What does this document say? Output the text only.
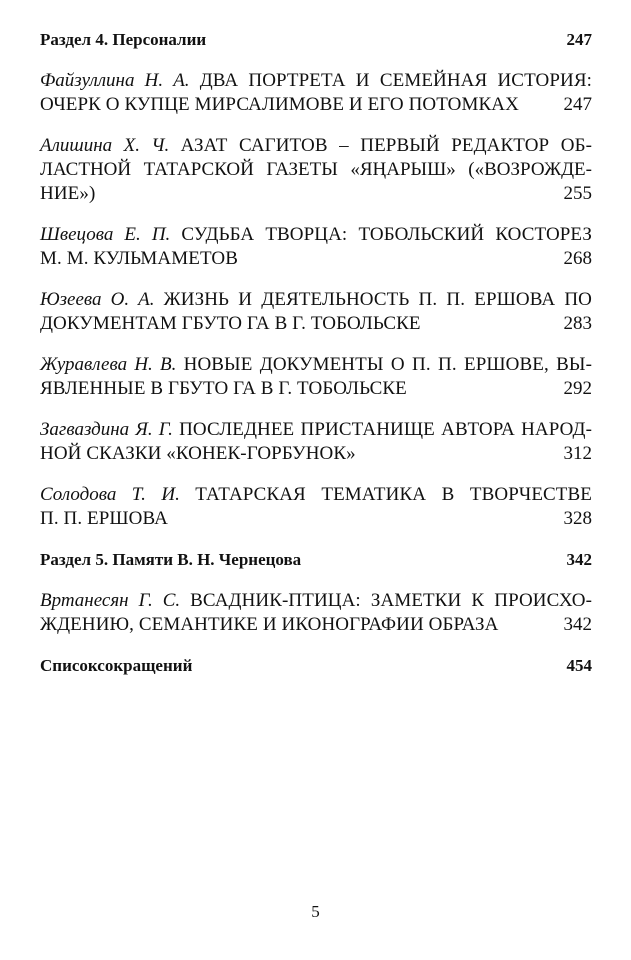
Раздел 4. Персоналии	247
Файзуллина Н. А. ДВА ПОРТРЕТА И СЕМЕЙНАЯ ИСТОРИЯ:
ОЧЕРК О КУПЦЕ МИРСАЛИМОВЕ И ЕГО ПОТОМКАХ 247
Алишина Х. Ч. АЗАТ САГИТОВ – ПЕРВЫЙ РЕДАКТОР ОБ-
ЛАСТНОЙ ТАТАРСКОЙ ГАЗЕТЫ «ЯҢАРЫШ» («ВОЗРОЖДЕ-
НИЕ»)	255
Швецова Е. П. СУДЬБА ТВОРЦА: ТОБОЛЬСКИЙ КОСТОРЕЗ
М. М. КУЛЬМАМЕТОВ	268
Юзеева О. А. ЖИЗНЬ И ДЕЯТЕЛЬНОСТЬ П. П. ЕРШОВА ПО
ДОКУМЕНТАМ ГБУТО ГА В Г. ТОБОЛЬСКЕ	283
Журавлева Н. В. НОВЫЕ ДОКУМЕНТЫ О П. П. ЕРШОВЕ, ВЫ-
ЯВЛЕННЫЕ В ГБУТО ГА В Г. ТОБОЛЬСКЕ	292
Загваздина Я. Г. ПОСЛЕДНЕЕ ПРИСТАНИЩЕ АВТОРА НАРОД-
НОЙ СКАЗКИ «КОНЕК-ГОРБУНОК»	312
Солодова Т. И. ТАТАРСКАЯ ТЕМАТИКА В ТВОРЧЕСТВЕ
П. П. ЕРШОВА	328
Раздел 5. Памяти В. Н. Чернецова	342
Вртанесян Г. С. ВСАДНИК-ПТИЦА: ЗАМЕТКИ К ПРОИСХО-
ЖДЕНИЮ, СЕМАНТИКЕ И ИКОНОГРАФИИ ОБРАЗА	342
Списоксокращений	454
5
